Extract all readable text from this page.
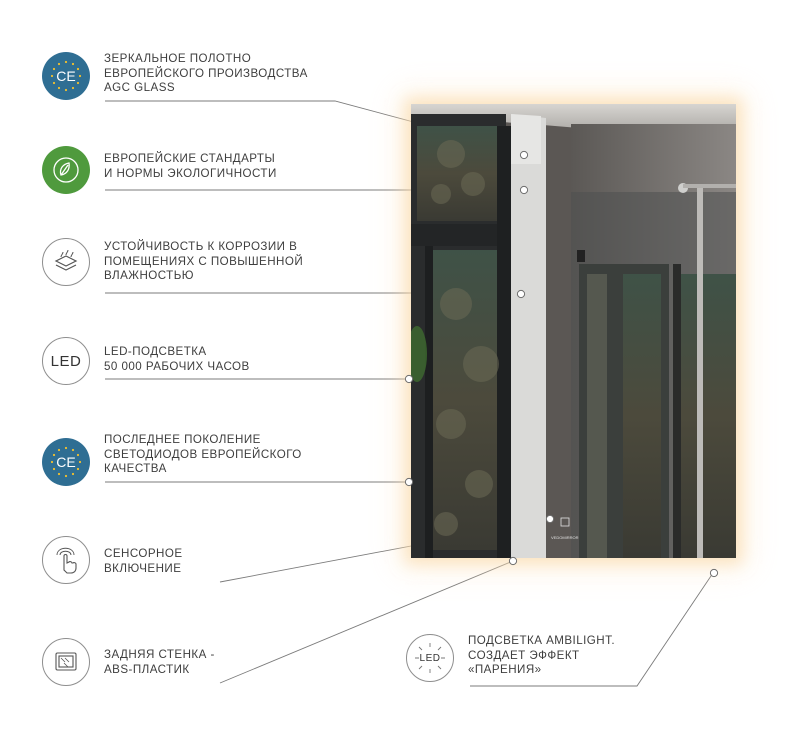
VEDOMIRROR
CE
ЗЕРКАЛЬНОЕ ПОЛОТНО
ЕВРОПЕЙСКОГО ПРОИЗВОДСТВА
AGC GLASS
ЕВРОПЕЙСКИЕ СТАНДАРТЫ
И НОРМЫ ЭКОЛОГИЧНОСТИ
УСТОЙЧИВОСТЬ К КОРРОЗИИ В
ПОМЕЩЕНИЯХ С ПОВЫШЕННОЙ
ВЛАЖНОСТЬЮ
LED
LED-ПОДСВЕТКА
50 000 РАБОЧИХ ЧАСОВ
CE
ПОСЛЕДНЕЕ ПОКОЛЕНИЕ
СВЕТОДИОДОВ ЕВРОПЕЙСКОГО
КАЧЕСТВА
СЕНСОРНОЕ
ВКЛЮЧЕНИЕ
ЗАДНЯЯ СТЕНКА -
ABS-ПЛАСТИК
LED
ПОДСВЕТКА AMBILIGHT.
СОЗДАЕТ ЭФФЕКТ
«ПАРЕНИЯ»
